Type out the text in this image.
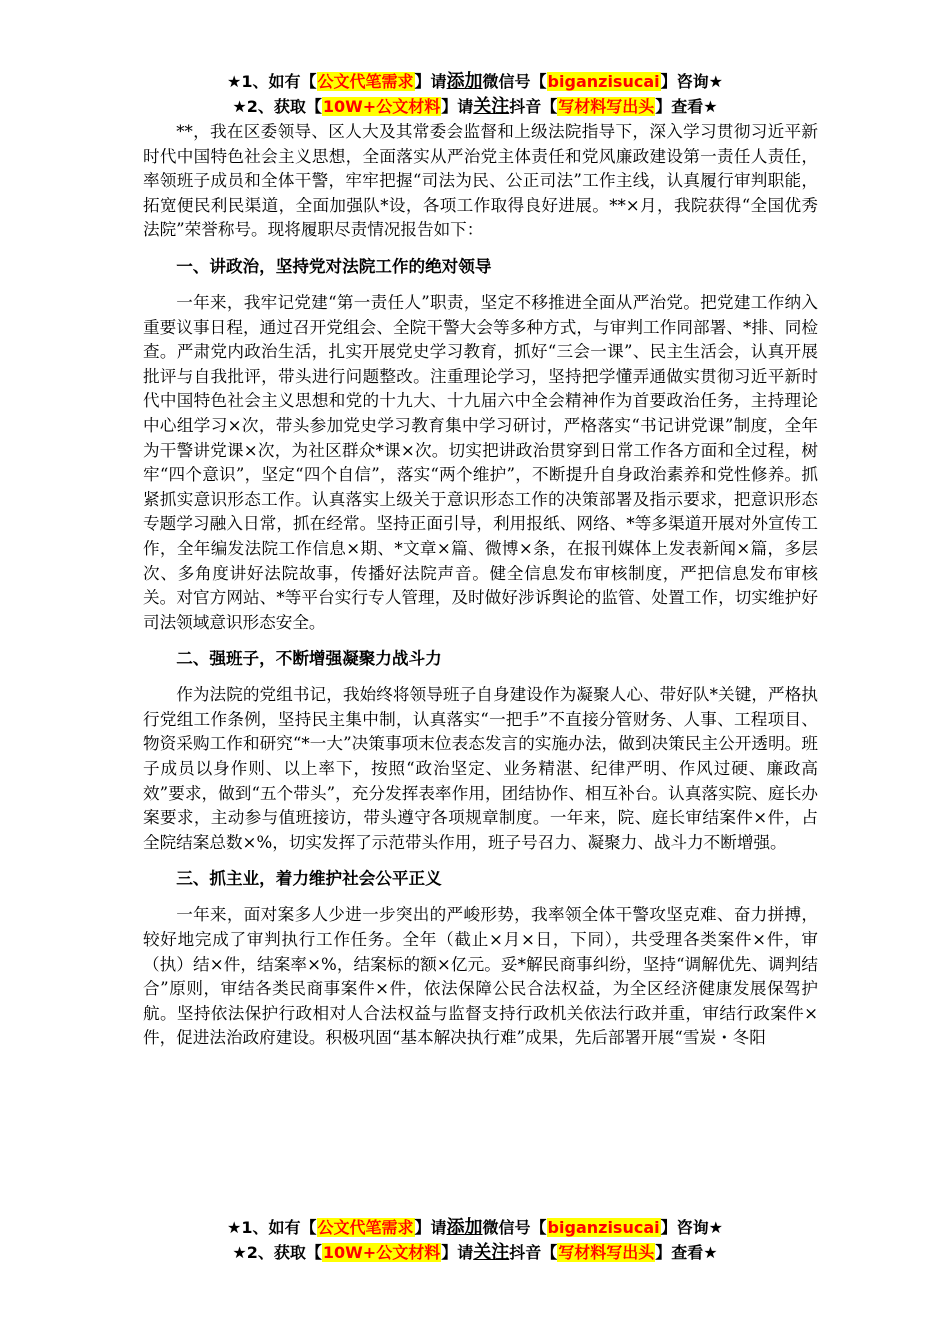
★1、如有【公文代笔需求】请添加微信号【biganzisucai】咨询★
★2、获取【10W+公文材料】请关注抖音【写材料写出头】查看★

**，我在区委领导、区人大及其常委会监督和上级法院指导下，深入学习贯彻习近平新时代中国特色社会主义思想，全面落实从严治党主体责任和党风廉政建设第一责任人责任，率领班子成员和全体干警，牢牢把握“司法为民、公正司法”工作主线，认真履行审判职能，拓宽便民利民渠道，全面加强队*设，各项工作取得良好进展。**×月，我院获得“全国优秀法院”荣誉称号。现将履职尽责情况报告如下：

一、讲政治，坚持党对法院工作的绝对领导

一年来，我牢记党建“第一责任人”职责，坚定不移推进全面从严治党。把党建工作纳入重要议事日程，通过召开党组会、全院干警大会等多种方式，与审判工作同部署、*排、同检查。严肃党内政治生活，扎实开展党史学习教育，抓好“三会一课”、民主生活会，认真开展批评与自我批评，带头进行问题整改。注重理论学习，坚持把学懂弄通做实贯彻习近平新时代中国特色社会主义思想和党的十九大、十九届六中全会精神作为首要政治任务，主持理论中心组学习×次，带头参加党史学习教育集中学习研讨，严格落实“书记讲党课”制度，全年为干警讲党课×次，为社区群众*课×次。切实把讲政治贯穿到日常工作各方面和全过程，树牢“四个意识”，坚定“四个自信”，落实“两个维护”，不断提升自身政治素养和党性修养。抓紧抓实意识形态工作。认真落实上级关于意识形态工作的决策部署及指示要求，把意识形态专题学习融入日常，抓在经常。坚持正面引导，利用报纸、网络、*等多渠道开展对外宣传工作，全年编发法院工作信息×期、*文章×篇、微博×条，在报刊媒体上发表新闻×篇，多层次、多角度讲好法院故事，传播好法院声音。健全信息发布审核制度，严把信息发布审核关。对官方网站、*等平台实行专人管理，及时做好涉诉舆论的监管、处置工作，切实维护好司法领域意识形态安全。

二、强班子，不断增强凝聚力战斗力

作为法院的党组书记，我始终将领导班子自身建设作为凝聚人心、带好队*关键，严格执行党组工作条例，坚持民主集中制，认真落实“一把手”不直接分管财务、人事、工程项目、物资采购工作和研究“*一大”决策事项末位表态发言的实施办法，做到决策民主公开透明。班子成员以身作则、以上率下，按照“政治坚定、业务精湛、纪律严明、作风过硬、廉政高效”要求，做到“五个带头”，充分发挥表率作用，团结协作、相互补台。认真落实院、庭长办案要求，主动参与值班接访，带头遵守各项规章制度。一年来，院、庭长审结案件×件，占全院结案总数×%，切实发挥了示范带头作用，班子号召力、凝聚力、战斗力不断增强。

三、抓主业，着力维护社会公平正义

一年来，面对案多人少进一步突出的严峻形势，我率领全体干警攻坚克难、奋力拼搏，较好地完成了审判执行工作任务。全年（截止×月×日，下同），共受理各类案件×件，审（执）结×件，结案率×%，结案标的额×亿元。妥*解民商事纠纷，坚持“调解优先、调判结合”原则，审结各类民商事案件×件，依法保障公民合法权益，为全区经济健康发展保驾护航。坚持依法保护行政相对人合法权益与监督支持行政机关依法行政并重，审结行政案件×件，促进法治政府建设。积极巩固“基本解决执行难”成果，先后部署开展“雪炭・冬阳

★1、如有【公文代笔需求】请添加微信号【biganzisucai】咨询★
★2、获取【10W+公文材料】请关注抖音【写材料写出头】查看★
